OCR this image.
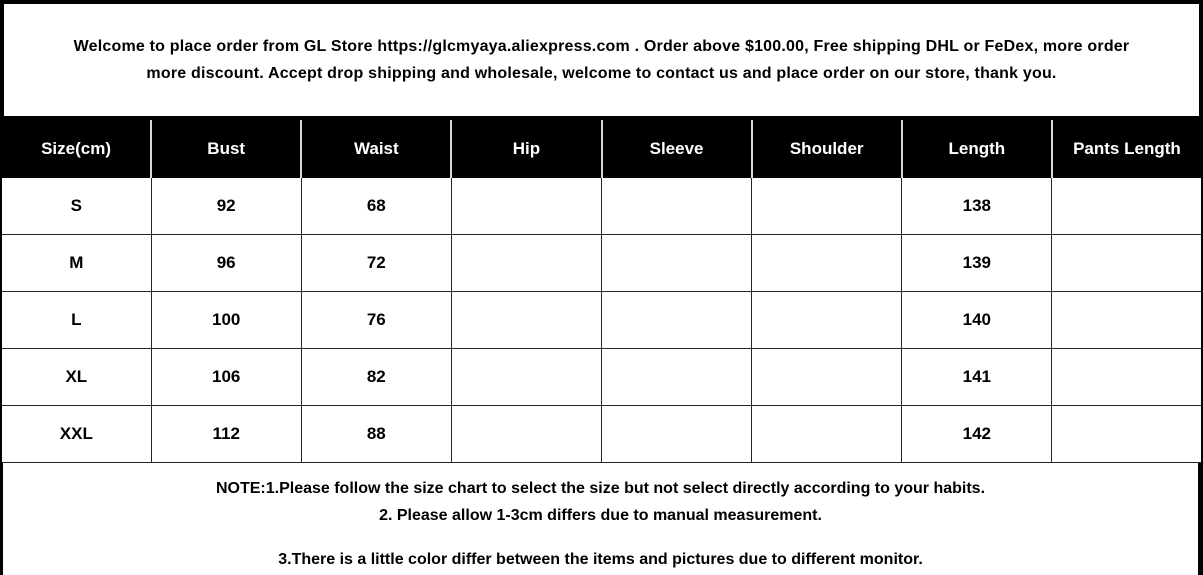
Welcome to place order from GL Store https://glcmyaya.aliexpress.com . Order above $100.00, Free shipping DHL or FeDex, more order
more discount. Accept drop shipping and wholesale, welcome to contact us and place order on our store, thank you.
Size(cm)	Bust	Waist	Hip	Sleeve	Shoulder	Length	Pants Length
S	92	68				138	
M	96	72				139	
L	100	76				140	
XL	106	82				141	
XXL	112	88				142	
NOTE:1.Please follow the size chart to select the size but not select directly according to your habits.
2. Please allow 1-3cm differs due to manual measurement.
3.There is a little color differ between the items and pictures due to different monitor.
